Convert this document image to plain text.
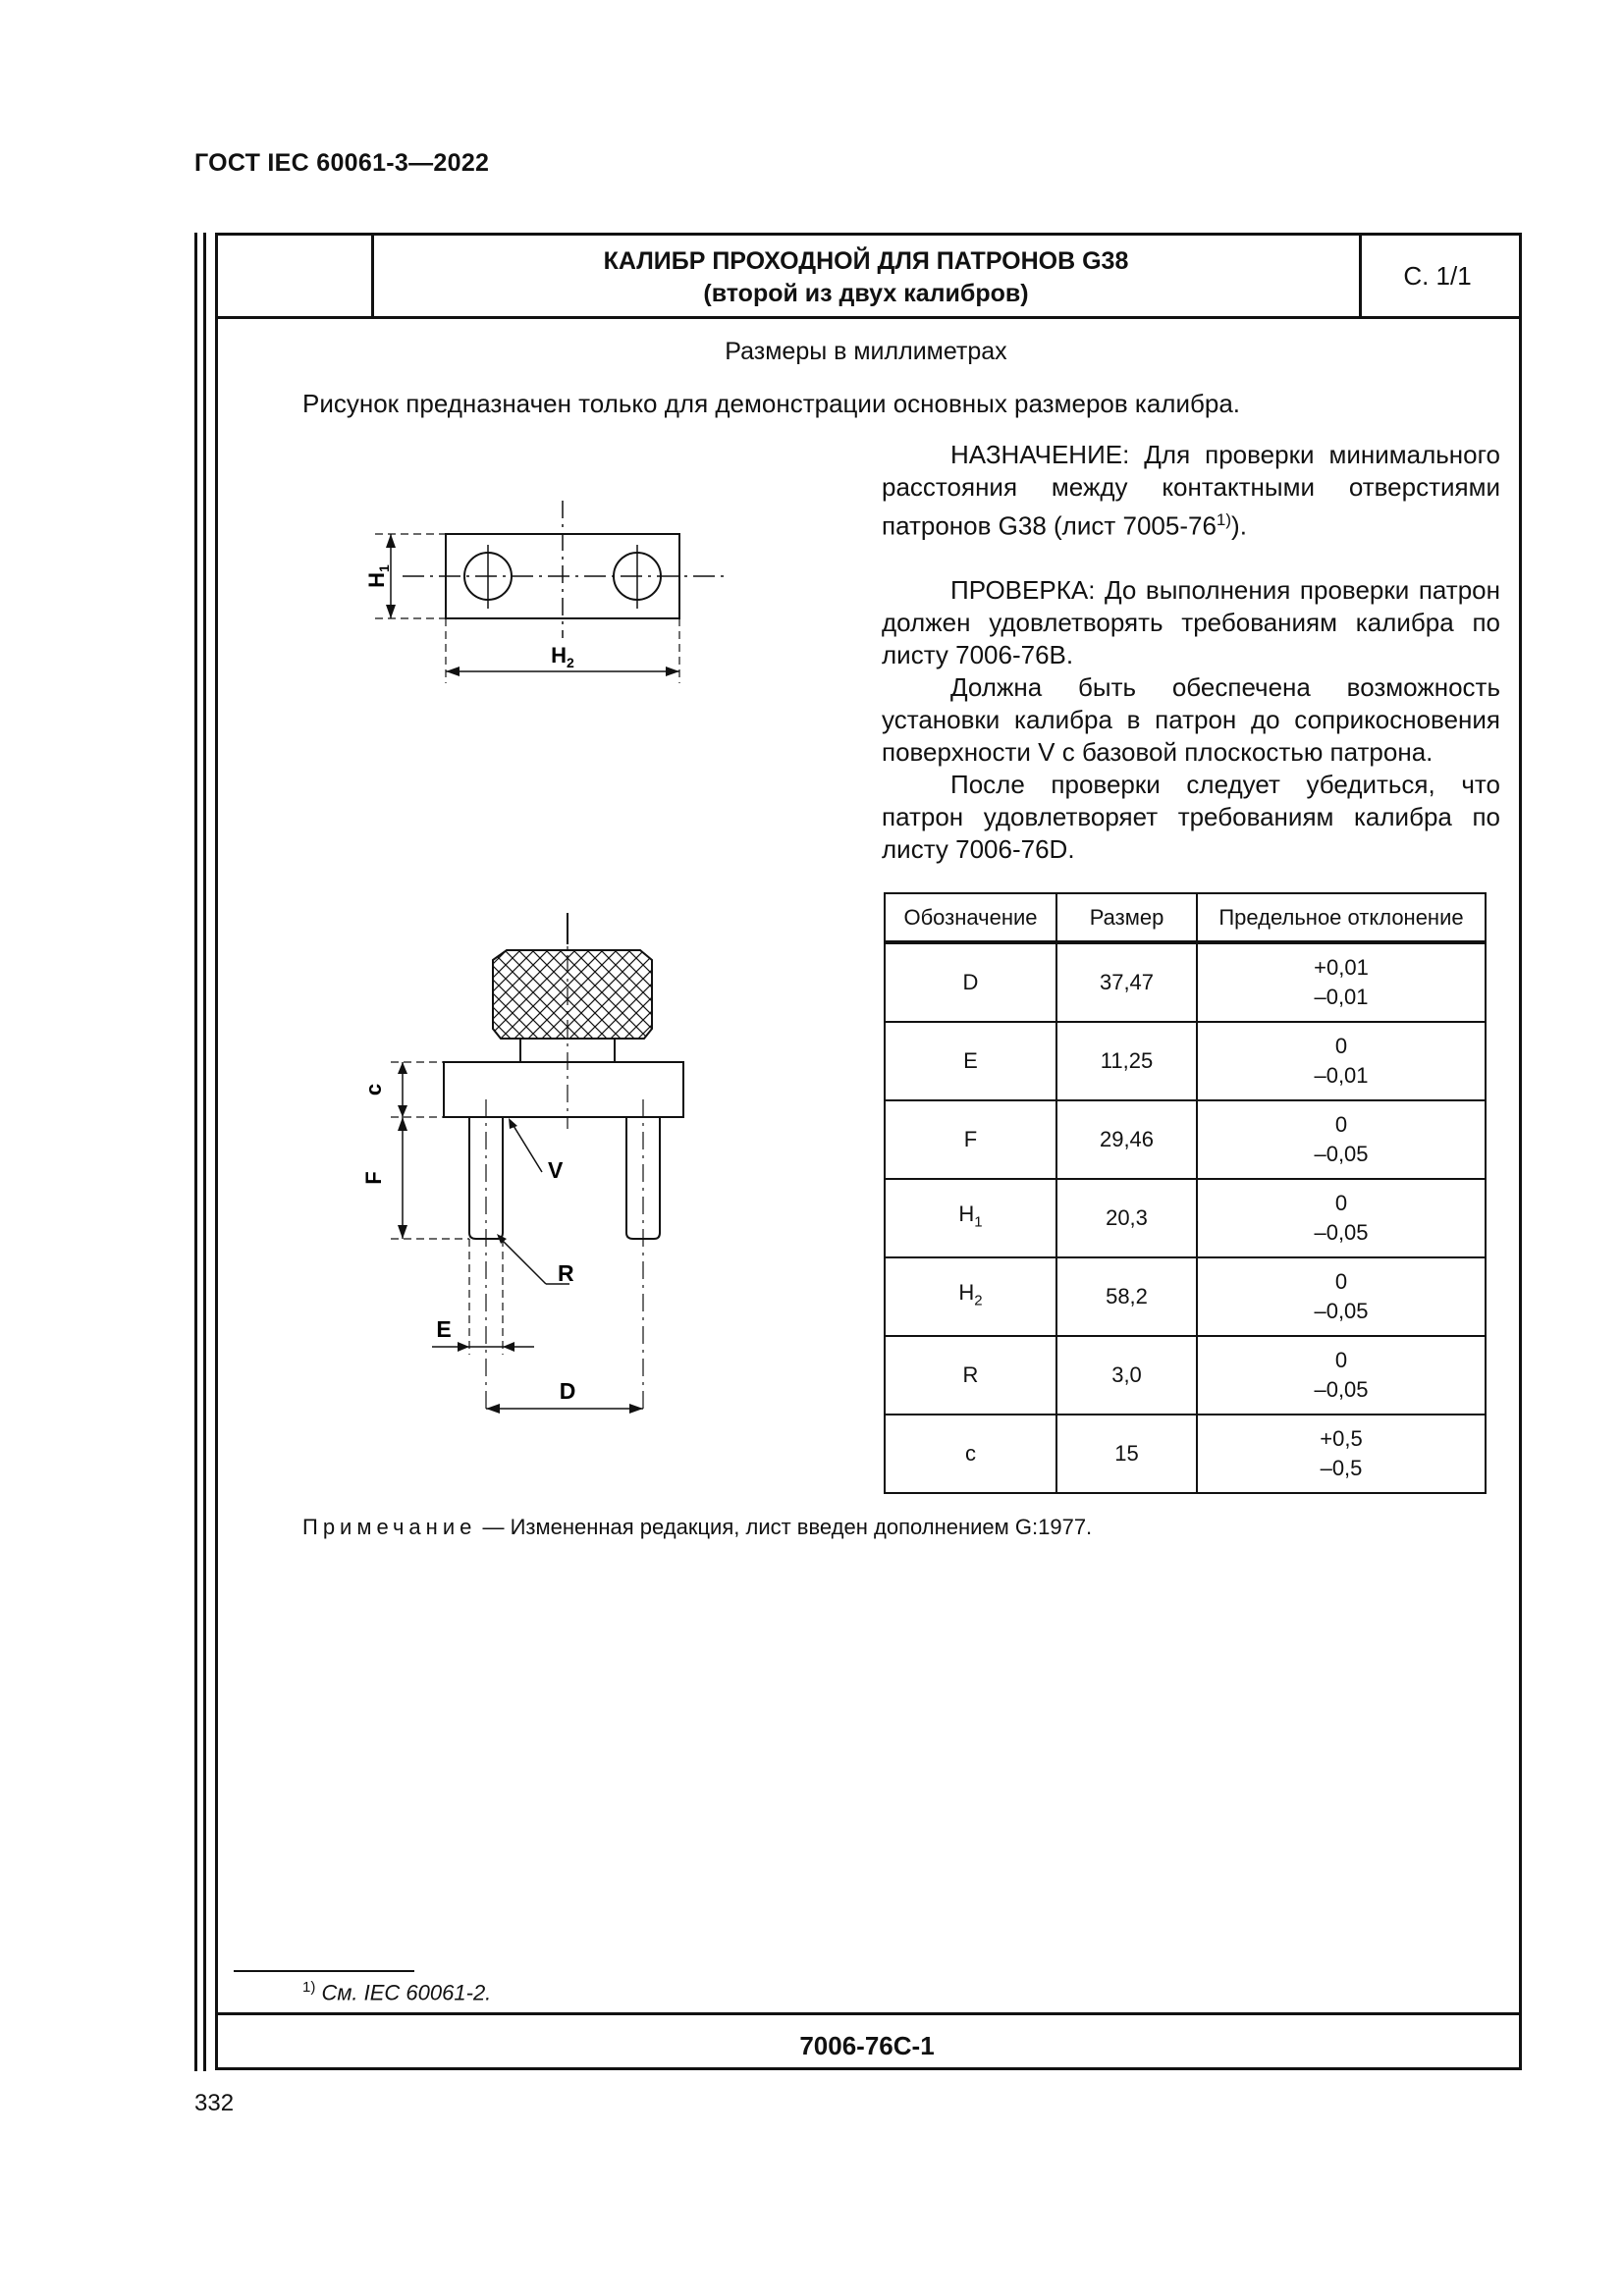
ГОСТ IEC 60061-3—2022
КАЛИБР ПРОХОДНОЙ ДЛЯ ПАТРОНОВ G38
(второй из двух калибров)
С. 1/1
Размеры в миллиметрах
Рисунок предназначен только для демонстрации основных размеров калибра.

НАЗНАЧЕНИЕ: Для проверки минимального расстояния между контактными отверстиями патронов G38 (лист 7005-76$^{1)}$).

ПРОВЕРКА: До выполнения проверки патрон должен удовлетворять требованиям калибра по листу 7006-76B.

Должна быть обеспечена возможность установки калибра в патрон до соприкосновения поверхности V с базовой плоскостью патрона.

После проверки следует убедиться, что патрон удовлетворяет требованиям калибра по листу 7006-76D.

$H_1$
$H_2$
c
F	V
R
E
D
Обозначение	Размер	Предельное отклонение
D	37,47	+0,01
–0,01

E	11,25	0
–0,01

F	29,46	0
–0,05

$H_1$	20,3	0
–0,05

$H_2$	58,2	0
–0,05

R	3,0	0
–0,05

c	15	+0,5
–0,5
Примечание — Измененная редакция, лист введен дополнением G:1977.
$^{1)}$ См. IEC 60061-2.
7006-76C-1
332
